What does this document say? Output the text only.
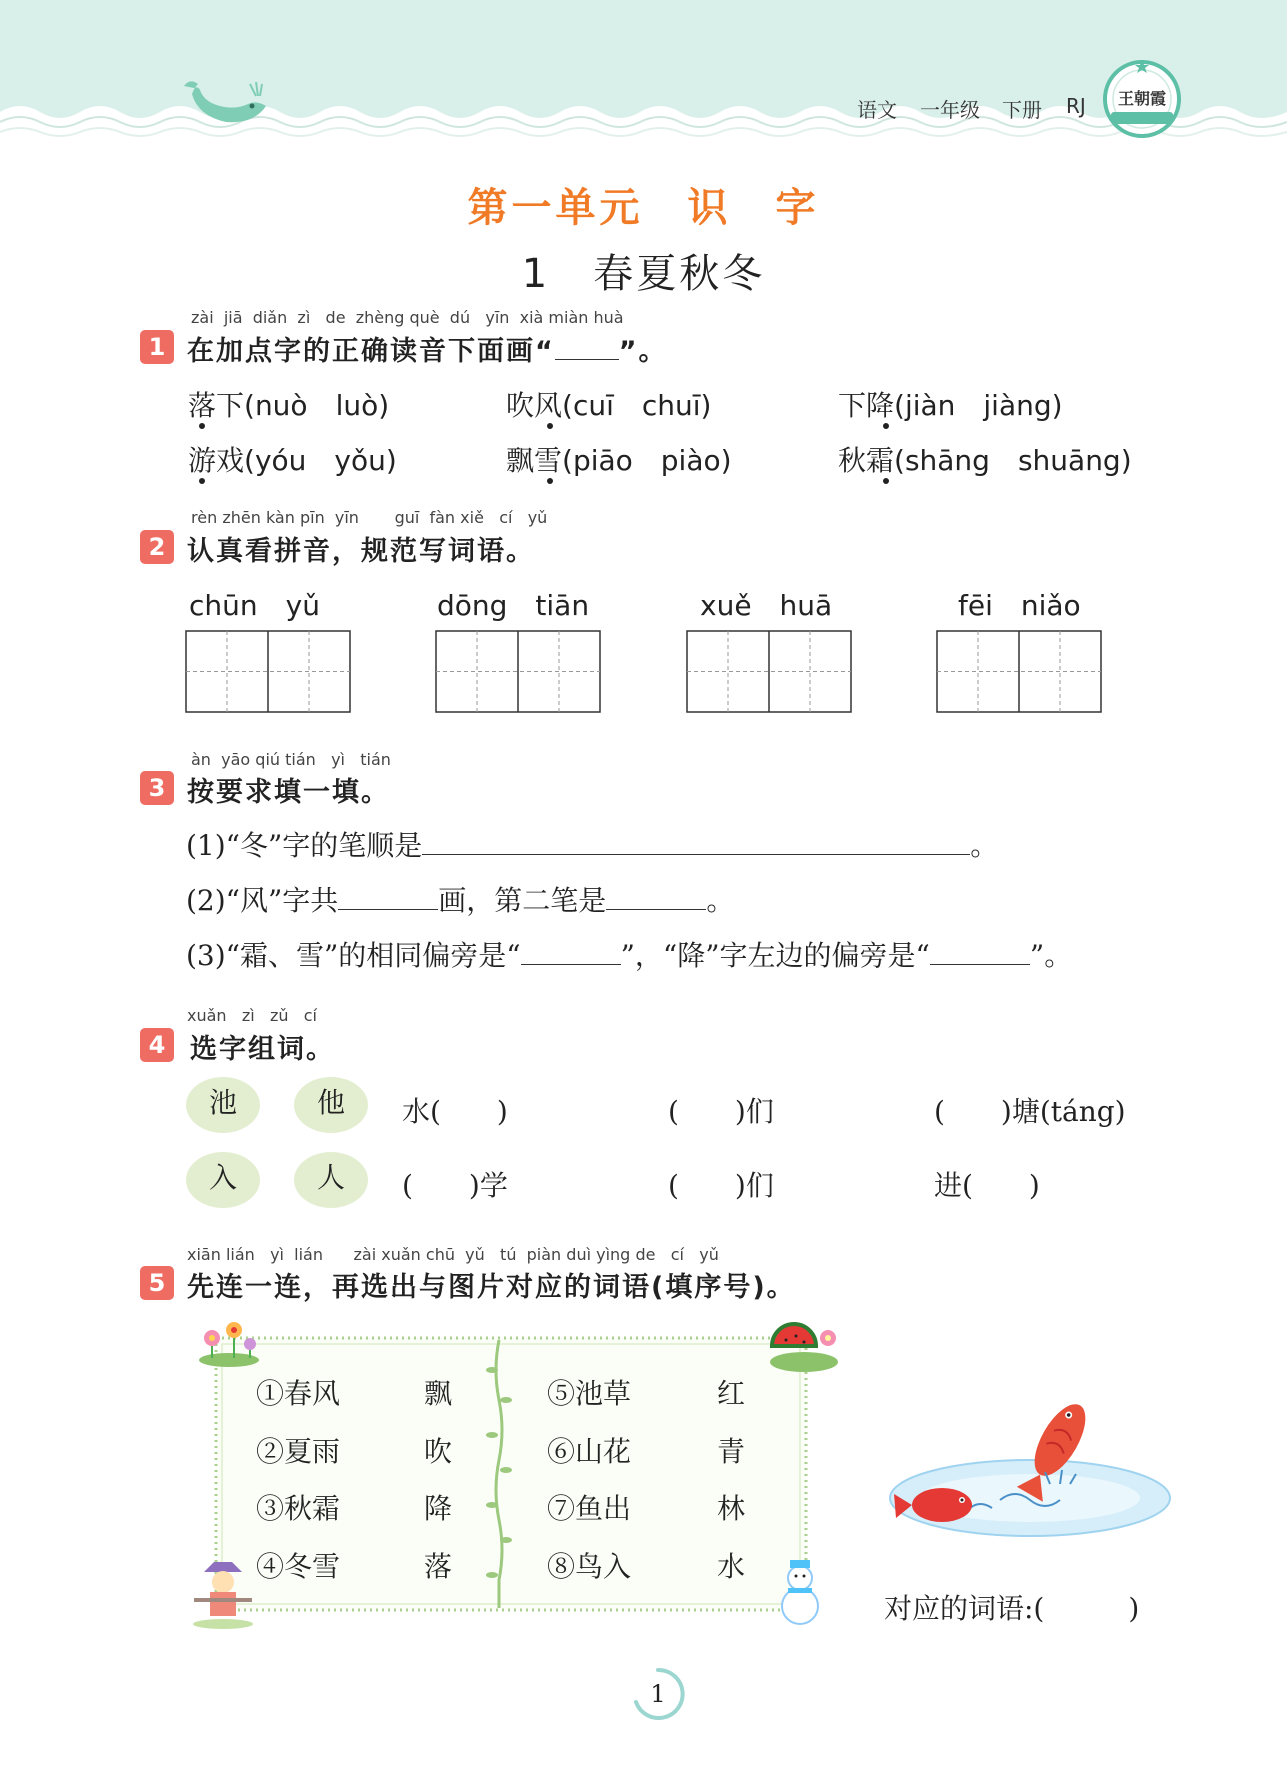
语文 一年级 下册 RJ	王朝霞
第一单元　识　字
1　春夏秋冬
zài jiā diǎn zì de zhèng què dú yīn xià miàn huà
1 在加点字的正确读音下面画“ ”。
落下(nuò　luò)	吹风(cuī　chuī)	下降(jiàn　jiàng)
游戏(yóu　yǒu)	飘雪(piāo　piào)	秋霜(shāng　shuāng)
rèn zhēn kàn pīn yīn guī fàn xiě cí yǔ
2 认真看拼音，规范写词语。
chūn　yǔ	dōng　tiān	xuě　huā	fēi　niǎo
àn yāo qiú tián yì tián
3 按要求填一填。
(1)“冬”字的笔顺是	。
(2)“风”字共	画，第二笔是	。
(3)“霜、雪”的相同偏旁是“	”，“降”字左边的偏旁是“	”。
xuǎn zì zǔ cí
4 选字组词。
池	他	水(　　)	(　　)们	(　　)塘(táng)
入	人	(　　)学	(　　)们	进(　　)
xiān lián yì lián zài xuǎn chū yǔ tú piàn duì yìng de cí yǔ
5 先连一连，再选出与图片对应的词语(填序号)。
①春风	飘
②夏雨	吹
③秋霜	降
④冬雪	落
⑤池草	红
⑥山花	青
⑦鱼出	林
⑧鸟入	水
对应的词语:(　　　)
1
